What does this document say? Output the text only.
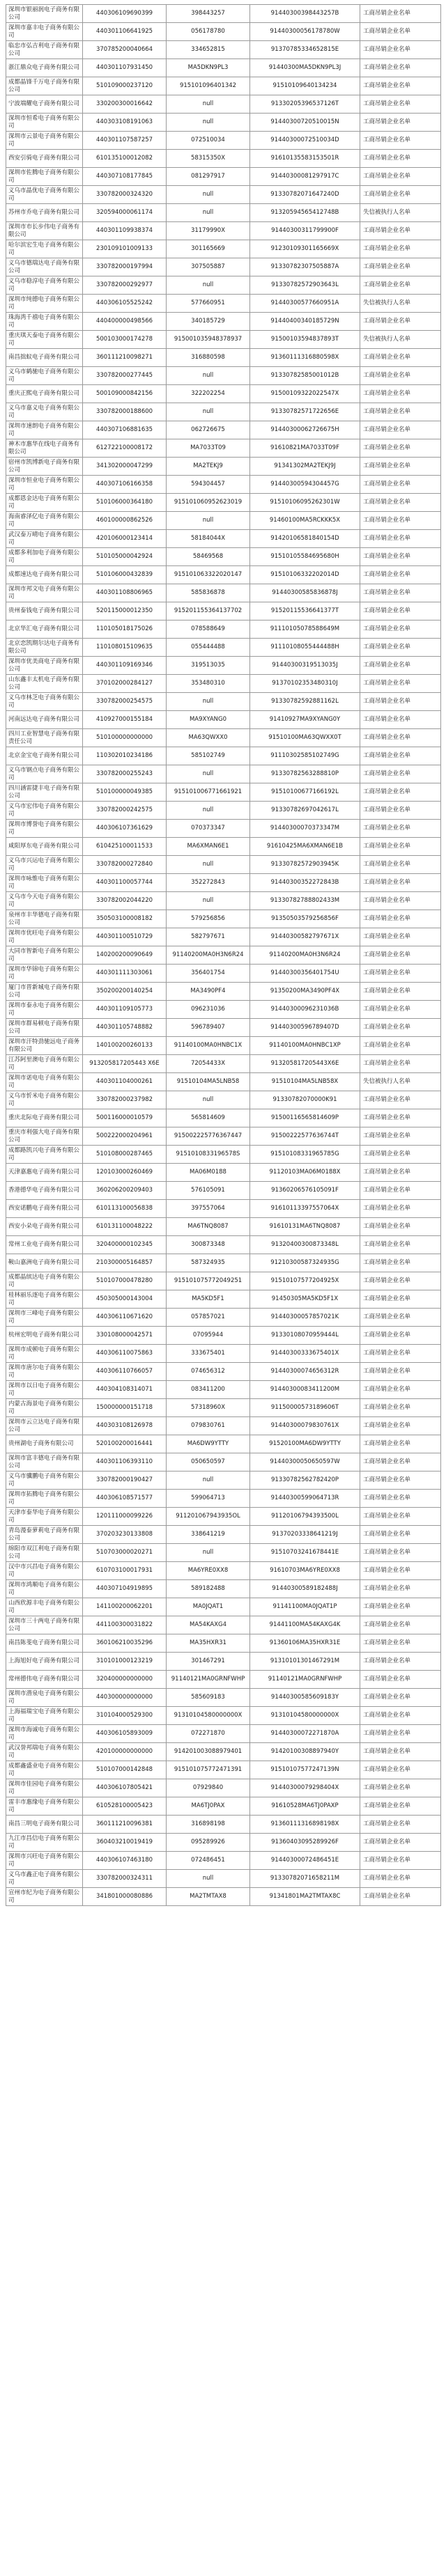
深圳市银丽润电子商务有限公司	440306109690399	398443257	91440300398443257B	工商吊销企业名单
深圳市嘉丰电子商务有限公司	440301106641925	056178780	91440300056178780W	工商吊销企业名单
临忠市弘吉利电子商务有限公司	370785200040664	334652815	91370785334652815E	工商吊销企业名单
浙江鼎众电子商务有限公司	440301107931450	MA5DKN9PL3	91440300MA5DKN9PL3J	工商吊销企业名单
成都晶锋千万电子商务有限公司	510109000237120	915101096401342	91510109640134234	工商吊销企业名单
宁波端耀电子商务有限公司	330200300016642	null	91330205396537126T	工商吊销企业名单
深圳市恒希电子商务有限公司	440303108191063	null	91440300720510015N	工商吊销企业名单
深圳市云景电子商务有限公司	440301107587257	072510034	91440300072510034D	工商吊销企业名单
西安引骑电子商务有限公司	610135100012082	58315350X	91610135583153501R	工商吊销企业名单
深圳市佐腾电子商务有限公司	440307108177845	081297917	91440300081297917C	工商吊销企业名单
义乌市晶优电子商务有限公司	330782000324320	null	91330782071647240D	工商吊销企业名单
苏州市乔电子商务有限公司	320594000061174	null	91320594565412748B	失信被执行人名单
深圳市市长步伟电子商务有限公司	440301109938374	31179990X	91440300311799900F	工商吊销企业名单
哈尔滨宏生电子商务有限公司	230109101009133	301165669	91230109301165669X	工商吊销企业名单
义乌市德瑞达电子商务有限公司	330782000197994	307505887	91330782307505887A	工商吊销企业名单
义乌市稳淳电子商务有限公司	330782000292977	null	91330782572903643L	工商吊销企业名单
深圳市纯德电子商务有限公司	440306105525242	577660951	91440300577660951A	失信被执行人名单
珠海湾千禧电子商务有限公司	440400000498566	340185729	91440400340185729N	工商吊销企业名单
重庆琪天泰电子商务有限公司	500103000174278	915001035948378937	91500103594837893T	失信被执行人名单
南昌拙蚁电子商务有限公司	360111210098271	316880598	91360111316880598X	工商吊销企业名单
义乌市鹤驰电子商务有限公司	330782000277445	null	91330782585001012B	工商吊销企业名单
重庆正熙电子商务有限公司	500109000842156	322202254	91500109322022547X	工商吊销企业名单
义乌市嘉义电子商务有限公司	330782000188600	null	91330782571722656E	工商吊销企业名单
深圳市速朗电子商务有限公司	440307106881635	062726675	91440300062726675H	工商吊销企业名单
神木市惠华在线电子商务有限公司	612722100008172	MA7033T09	91610821MA7033T09F	工商吊销企业名单
宿州市凯博新电子商务有限公司	341302000047299	MA2TEKJ9	91341302MA2TEKJ9J	工商吊销企业名单
深圳市恒业电子商务有限公司	440307106166358	594304457	91440300594304457G	工商吊销企业名单
成都恩金达电子商务有限公司	510106000364180	915101060952623019	91510106095262301W	工商吊销企业名单
海南睿泽亿电子商务有限公司	460100000862526	null	91460100MA5RCKKK5X	工商吊销企业名单
武汉泰万晴电子商务有限公司	420106000123414	58184044X	91420106581840154D	工商吊销企业名单
成都多利加电子商务有限公司	510105000042924	58469568	91510105584695680H	工商吊销企业名单
成都速达电子商务有限公司	510106000432839	915101063322020147	91510106332202014D	工商吊销企业名单
深圳市邦文电子商务有限公司	440301108806965	585836878	91440300585836878J	工商吊销企业名单
贵州泰钱电子商务有限公司	520115000012350	915201155364137702	91520115536641377T	工商吊销企业名单
北京华汇电子商务有限公司	110105018175026	078588649	91110105078588649M	工商吊销企业名单
北京恋凯期尔达电子商务有限公司	110108015109635	055444488	91110108055444488H	工商吊销企业名单
深圳市优美商电子商务有限公司	440301109169346	319513035	91440300319513035J	工商吊销企业名单
山东鑫丰太机电子商务有限公司	370102000284127	353480310	91370102353480310J	工商吊销企业名单
义乌市林芝电子商务有限公司	330782000254575	null	91330782592881162L	工商吊销企业名单
河南远达电子商务有限公司	410927000155184	MA9XYANG0	91410927MA9XYANG0Y	工商吊销企业名单
四川工业智慧电子商务有限责任公司	510100000000000	MA63QWXX0	91510100MA63QWXX0T	工商吊销企业名单
北京金宝电子商务有限公司	110302010234186	585102749	91110302585102749G	工商吊销企业名单
义乌市钢点电子商务有限公司	330782000255243	null	91330782563288810P	工商吊销企业名单
四川涵雷捷丰电子商务有限公司	510100000049385	915101006771661921	91510100677166192L	工商吊销企业名单
义乌市宏伟电子商务有限公司	330782000242575	null	91330782697042617L	工商吊销企业名单
深圳市博誉电子商务有限公司	440306107361629	070373347	91440300070373347M	工商吊销企业名单
咸阳厚东电子商务有限公司	610425100011533	MA6XMAN6E1	91610425MA6XMAN6E1B	工商吊销企业名单
义乌市兴运电子商务有限公司	330782000272840	null	91330782572903945K	工商吊销企业名单
深圳市咏惟电子商务有限公司	440301100057744	352272843	91440300352272843B	工商吊销企业名单
义乌市今天电子商务有限公司	330782002044220	null	91330782788802433M	工商吊销企业名单
泉州市丰华德电子商务有限公司	350503100008182	579256856	91350503579256856F	工商吊销企业名单
深圳市优旺电子商务有限公司	440301100510729	582797671	91440300582797671X	工商吊销企业名单
大同市智新电子商务有限公司	140200200090649	91140200MA0H3N6R24	91140200MA0H3N6R24	工商吊销企业名单
深圳市华锦电子商务有限公司	440301111303061	356401754	91440300356401754U	工商吊销企业名单
厦门市晋新城电子商务有限公司	350200200140254	MA3490PF4	91350200MA3490PF4X	工商吊销企业名单
深圳市泰永电子商务有限公司	440301109105773	096231036	91440300096231036B	工商吊销企业名单
深圳市群易顿电子商务有限公司	440301105748882	596789407	91440300596789407D	工商吊销企业名单
深圳市汗特劲驰远电子商务有限公司	140100200260133	91140100MA0HNBC1X	91140100MA0HNBC1XP	工商吊销企业名单
江苏阿里澳电子商务有限公司	913205817205443 X6E	72054433X	913205817205443X6E	工商吊销企业名单
深圳市诺电电子商务有限公司	440301104000261	91510104MA5LNB58	91510104MA5LNB58X	失信被执行人名单
义乌市忻米电子商务有限公司	330782000237982	null	91330782070000K91	工商吊销企业名单
重庆北际电子商务有限公司	500116000010579	565814609	91500116565814609P	工商吊销企业名单
重庆市利强大电子商务有限公司	500222000204961	915002225776367447	91500222577636744T	工商吊销企业名单
成都路凯兴电子商务有限公司	510108000287465	9151010833196578S	91510108331965785G	工商吊销企业名单
天津嘉惠电子商务有限公司	120103000260469	MA06M0188	91120103MA06M0188X	工商吊销企业名单
香港德华电子商务有限公司	360206200209403	576105091	91360206576105091F	工商吊销企业名单
西安诺鹏电子商务有限公司	610113100056838	397557064	91610113397557064X	工商吊销企业名单
西安小朵电子商务有限公司	610131100048222	MA6TNQ8087	91610131MA6TNQ8087	工商吊销企业名单
常州工业电子商务有限公司	320400000102345	300873348	91320400300873348L	工商吊销企业名单
鞍山嘉洲电子商务有限公司	210300005164857	587324935	91210300587324935G	工商吊销企业名单
成都晶缤达电子商务有限公司	510107000478280	915101075772049251	91510107577204925X	工商吊销企业名单
桂林丽乐逐电子商务有限公司	450305000143004	MA5KD5F1	91450305MA5KD5F1X	工商吊销企业名单
深圳市三峰电子商务有限公司	440306110671620	057857021	91440300057857021K	工商吊销企业名单
杭州宏明电子商务有限公司	330108000042571	07095944	91330108070959444L	工商吊销企业名单
深圳市成顿电子商务有限公司	440306110075863	333675401	91440300333675401X	工商吊销企业名单
深圳市唐尔电子商务有限公司	440306110766057	074656312	91440300074656312R	工商吊销企业名单
深圳市以日电子商务有限公司	440304108314071	083411200	91440300083411200M	工商吊销企业名单
内蒙古海景电子商务有限公司	150000000151718	57318960X	91150000573189606T	工商吊销企业名单
深圳市云立达电子商务有限公司	440303108126978	079830761	91440300079830761X	工商吊销企业名单
贵州湖电子商务有限公司	520100200016441	MA6DW9YTTY	91520100MA6DW9YTTY	工商吊销企业名单
深圳市富丰德电子商务有限公司	440301106393110	050650597	91440300050650597W	工商吊销企业名单
义乌市骥鹏电子商务有限公司	330782000190427	null	91330782562782420P	工商吊销企业名单
深圳市拓腾电子商务有限公司	440306108571577	599064713	91440300599064713R	工商吊销企业名单
天津市泰华电子商务有限公司	120111000099226	911201067943935OL	91120106794393500L	工商吊销企业名单
青岛漫泰萝莉电子商务有限公司	370203230133808	338641219	91370203338641219J	工商吊销企业名单
绵阳市双江利电子商务有限公司	510703000020271	null	91510703241678441E	工商吊销企业名单
汉中市兴昌电子商务有限公司	610703100017931	MA6YRE0XX8	91610703MA6YRE0XX8	工商吊销企业名单
深圳市鸿顺电子商务有限公司	440307104919895	589182488	91440300589182488J	工商吊销企业名单
山西欣源丰电子商务有限公司	141100200062201	MA0JQAT1	91141100MA0JQAT1P	工商吊销企业名单
深圳市三十两电子商务有限公司	441100300031822	MA54KAXG4	91441100MA54KAXG4K	工商吊销企业名单
南昌陈斐电子商务有限公司	360106210035296	MA35HXR31	91360106MA35HXR31E	工商吊销企业名单
上海旭好电子商务有限公司	310101000123219	301467291	91310101301467291M	工商吊销企业名单
常州德伟电子商务有限公司	320400000000000	91140121MA0GRNFWHP	91140121MA0GRNFWHP	工商吊销企业名单
深圳市潜泉电子商务有限公司	440300000000000	585609183	91440300585609183Y	工商吊销企业名单
上海福瑞宝电子商务有限公司	310104000529300	91310104580000000X	91310104580000000X	工商吊销企业名单
深圳市海诚电子商务有限公司	440306105893009	072271870	91440300072271870A	工商吊销企业名单
武汉誉邦瑞电子商务有限公司	420100000000000	914201003088979401	91420100308897940Y	工商吊销企业名单
成都鑫盛业电子商务有限公司	510107000142848	915101075772471391	91510107577247139N	工商吊销企业名单
深圳市佳园电子商务有限公司	440306107805421	07929840	91440300079298404X	工商吊销企业名单
雷丰市惠缘电子商务有限公司	610528100005423	MA6TJ0PAX	91610528MA6TJ0PAXP	工商吊销企业名单
南昌三明电子商务有限公司	360111210096381	316898198	91360111316898198X	工商吊销企业名单
九江市昌信电子商务有限公司	360403210019419	095289926	91360403095289926F	工商吊销企业名单
深圳市兴旺电子商务有限公司	440306107463180	072486451	91440300072486451E	工商吊销企业名单
义乌市鑫正电子商务有限公司	330782000324311	null	91330782071658211M	工商吊销企业名单
宣州市纪为电子商务有限公司	341801000080886	MA2TMTAX8	91341801MA2TMTAX8C	工商吊销企业名单
